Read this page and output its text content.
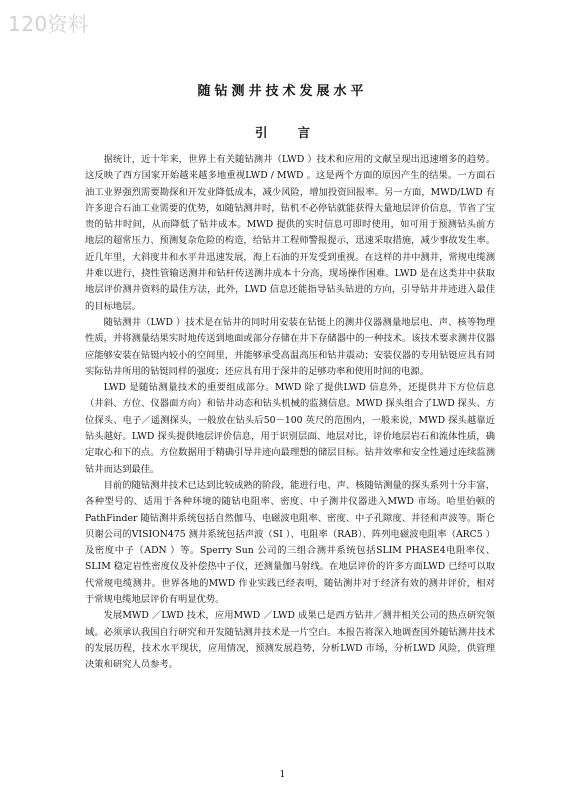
120资料
随钻测井技术发展水平
引言

据统计，近十年来，世界上有关随钻测井（LWD ）技术和应用的文献呈现出迅速增多的趋势。这反映了西方国家开始越来越多地重视LWD / MWD 。这是两个方面的原因产生的结果。一方面石油工业界强烈需要勘探和开发业降低成本，减少风险，增加投资回报率。另一方面，MWD/LWD 有许多迎合石油工业需要的优势，如随钻测井时，钻机不必停钻就能获得大量地层评价信息，节省了宝贵的钻井时间，从而降低了钻井成本。MWD 提供的实时信息可即时使用，如可用于预测钻头前方地层的超常压力、预测复杂危险的构造，给钻井工程师警报提示，迅速采取措施，减少事故发生率。近几年里，大斜度井和水平井迅速发展，海上石油的开发受到重视。在这样的井中测井，常规电缆测井难以进行，挠性管输送测井和钻杆传送测井成本十分高，现场操作困难。LWD 是在这类井中获取地层评价测井资料的最佳方法，此外，LWD 信息还能指导钻头钻进的方向，引导钻井井迹进入最佳的目标地层。

随钻测井（LWD ）技术是在钻井的同时用安装在钻铤上的测井仪器测量地层电、声、核等物理性质，并将测量结果实时地传送到地面或部分存储在井下存储器中的一种技术。该技术要求测井仪器应能够安装在钻铤内较小的空间里，并能够承受高温高压和钻井震动；安装仪器的专用钻铤应具有同实际钻井所用的钻铤同样的强度；还应具有用于深井的足够功率和使用时间的电源。

LWD 是随钻测量技术的重要组成部分。MWD 除了提供LWD 信息外，还提供井下方位信息（井斜、方位、仪器面方向）和钻井动态和钻头机械的监测信息。MWD 探头组合了LWD 探头、方位探头、电子／遥测探头，一般放在钻头后50－100 英尺的范围内，一般来说，MWD 探头越靠近钻头越好。LWD 探头提供地层评价信息，用于识别层面、地层对比，评价地层岩石和流体性质，确定取心和下的点。方位数据用于精确引导井迹向最理想的储层目标。钻井效率和安全性通过连续监测钻井而达到最佳。

目前的随钻测井技术已达到比较成熟的阶段，能进行电、声、核随钻测量的探头系列十分丰富，各种型号的、适用于各种环境的随钻电阻率、密度、中子测井仪器进入MWD 市场。哈里伯顿的PathFinder 随钻测井系统包括自然伽马、电磁波电阻率、密度、中子孔隙度、井径和声波等。斯仑贝谢公司的VISION475 测井系统包括声波（SI ）、电阻率（RAB）、阵列电磁波电阻率（ARC5 ）及密度中子（ADN ）等。Sperry Sun 公司的三组合测井系统包括SLIM PHASE4电阻率仪、SLIM 稳定岩性密度仪及补偿热中子仪，还测量伽马射线。在地层评价的许多方面LWD 已经可以取代常规电缆测井。世界各地的MWD 作业实践已经表明，随钻测井对于经济有效的测井评价，相对于常规电缆地层评价有明显优势。

发展MWD ／LWD 技术，应用MWD ／LWD 成果已是西方钻井／测井相关公司的热点研究领域。必须承认我国自行研究和开发随钻测井技术是一片空白。本报告将深入地调查国外随钻测井技术的发展历程，技术水平现状，应用情况，预测发展趋势，分析LWD 市场，分析LWD 风险，供管理决策和研究人员参考。

1
